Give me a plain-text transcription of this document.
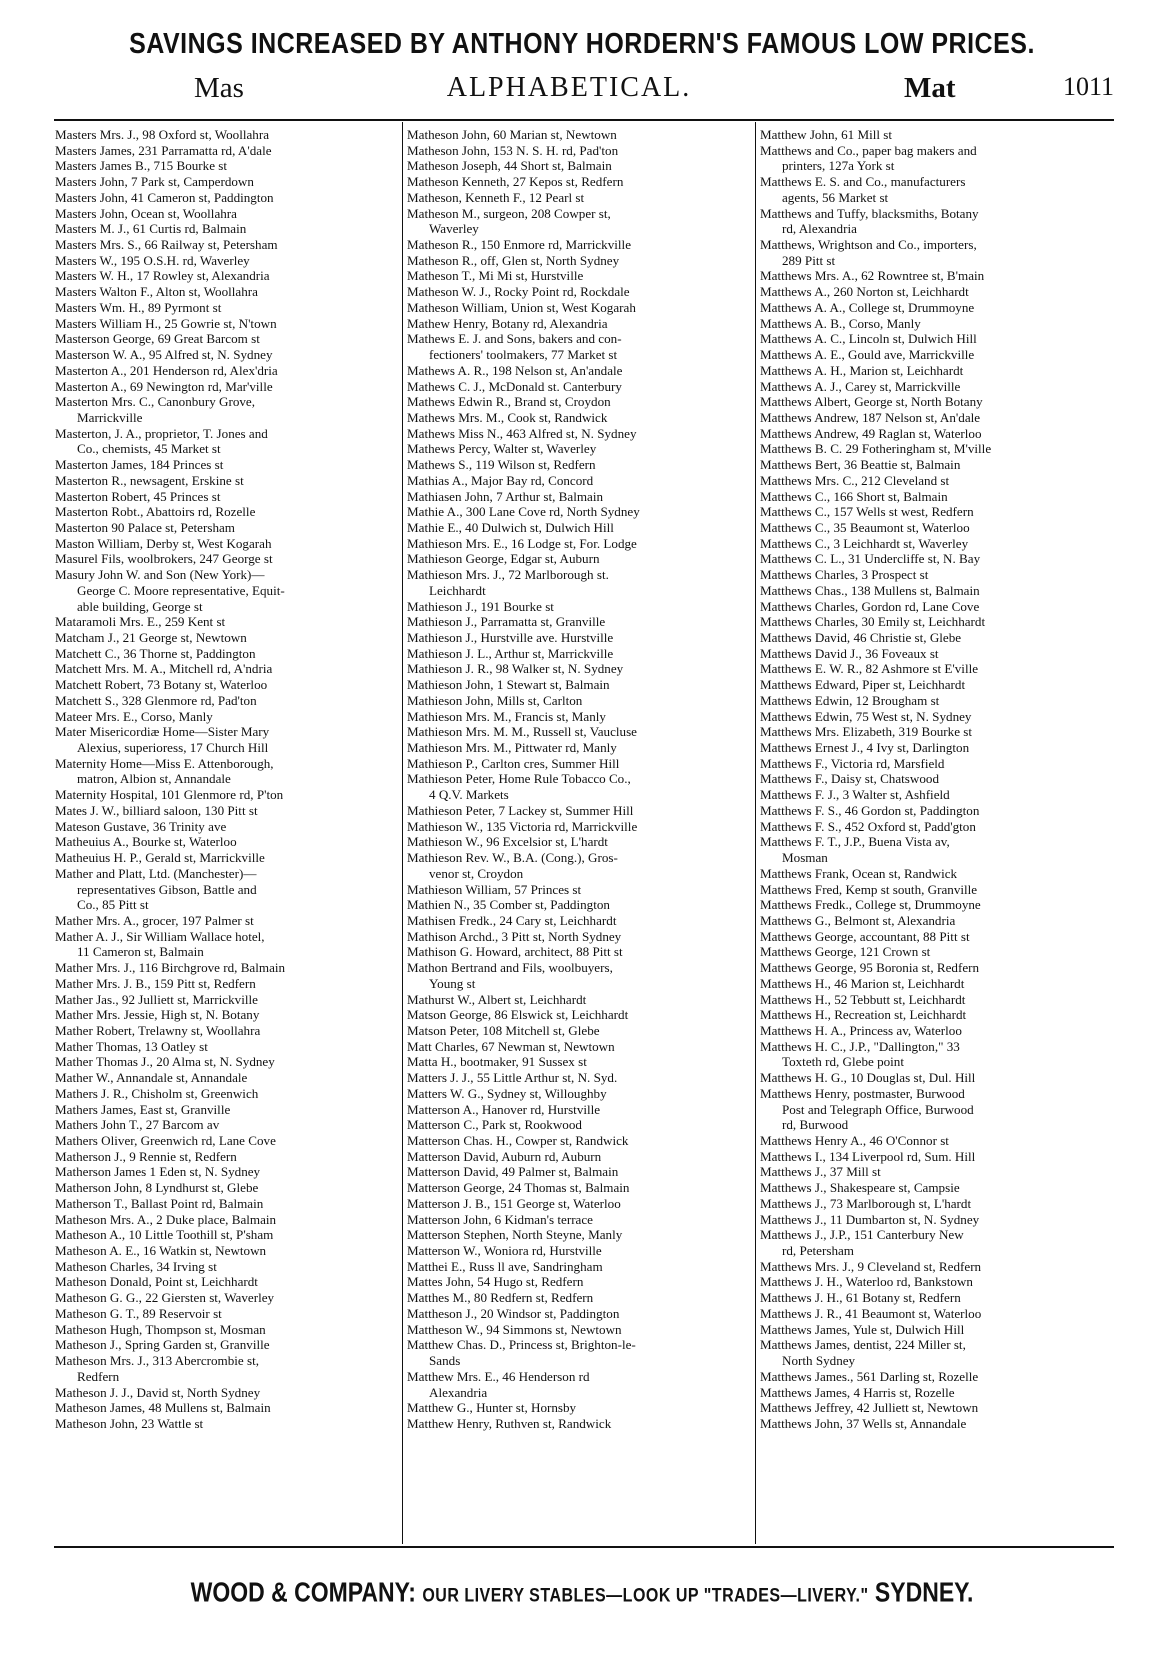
SAVINGS INCREASED BY ANTHONY HORDERN'S FAMOUS LOW PRICES.
Mas	ALPHABETICAL.	Mat	1011
Masters Mrs. J., 98 Oxford st, Woollahra
Masters James, 231 Parramatta rd, A'dale
Masters James B., 715 Bourke st
Masters John, 7 Park st, Camperdown
Masters John, 41 Cameron st, Paddington
Masters John, Ocean st, Woollahra
Masters M. J., 61 Curtis rd, Balmain
Masters Mrs. S., 66 Railway st, Petersham
Masters W., 195 O.S.H. rd, Waverley
Masters W. H., 17 Rowley st, Alexandria
Masters Walton F., Alton st, Woollahra
Masters Wm. H., 89 Pyrmont st
Masters William H., 25 Gowrie st, N'town
Masterson George, 69 Great Barcom st
Masterson W. A., 95 Alfred st, N. Sydney
Masterton A., 201 Henderson rd, Alex'dria
Masterton A., 69 Newington rd, Mar'ville
Masterton Mrs. C., Canonbury Grove,
Marrickville
Masterton, J. A., proprietor, T. Jones and
Co., chemists, 45 Market st
Masterton James, 184 Princes st
Masterton R., newsagent, Erskine st
Masterton Robert, 45 Princes st
Masterton Robt., Abattoirs rd, Rozelle
Masterton 90 Palace st, Petersham
Maston William, Derby st, West Kogarah
Masurel Fils, woolbrokers, 247 George st
Masury John W. and Son (New York)—
George C. Moore representative, Equit-
able building, George st
Mataramoli Mrs. E., 259 Kent st
Matcham J., 21 George st, Newtown
Matchett C., 36 Thorne st, Paddington
Matchett Mrs. M. A., Mitchell rd, A'ndria
Matchett Robert, 73 Botany st, Waterloo
Matchett S., 328 Glenmore rd, Pad'ton
Mateer Mrs. E., Corso, Manly
Mater Misericordiæ Home—Sister Mary
Alexius, superioress, 17 Church Hill
Maternity Home—Miss E. Attenborough,
matron, Albion st, Annandale
Maternity Hospital, 101 Glenmore rd, P'ton
Mates J. W., billiard saloon, 130 Pitt st
Mateson Gustave, 36 Trinity ave
Matheuius A., Bourke st, Waterloo
Matheuius H. P., Gerald st, Marrickville
Mather and Platt, Ltd. (Manchester)—
representatives Gibson, Battle and
Co., 85 Pitt st
Mather Mrs. A., grocer, 197 Palmer st
Mather A. J., Sir William Wallace hotel,
11 Cameron st, Balmain
Mather Mrs. J., 116 Birchgrove rd, Balmain
Mather Mrs. J. B., 159 Pitt st, Redfern
Mather Jas., 92 Julliett st, Marrickville
Mather Mrs. Jessie, High st, N. Botany
Mather Robert, Trelawny st, Woollahra
Mather Thomas, 13 Oatley st
Mather Thomas J., 20 Alma st, N. Sydney
Mather W., Annandale st, Annandale
Mathers J. R., Chisholm st, Greenwich
Mathers James, East st, Granville
Mathers John T., 27 Barcom av
Mathers Oliver, Greenwich rd, Lane Cove
Matherson J., 9 Rennie st, Redfern
Matherson James 1 Eden st, N. Sydney
Matherson John, 8 Lyndhurst st, Glebe
Matherson T., Ballast Point rd, Balmain
Matheson Mrs. A., 2 Duke place, Balmain
Matheson A., 10 Little Toothill st, P'sham
Matheson A. E., 16 Watkin st, Newtown
Matheson Charles, 34 Irving st
Matheson Donald, Point st, Leichhardt
Matheson G. G., 22 Giersten st, Waverley
Matheson G. T., 89 Reservoir st
Matheson Hugh, Thompson st, Mosman
Matheson J., Spring Garden st, Granville
Matheson Mrs. J., 313 Abercrombie st,
Redfern
Matheson J. J., David st, North Sydney
Matheson James, 48 Mullens st, Balmain
Matheson John, 23 Wattle st
Matheson John, 60 Marian st, Newtown
Matheson John, 153 N. S. H. rd, Pad'ton
Matheson Joseph, 44 Short st, Balmain
Matheson Kenneth, 27 Kepos st, Redfern
Matheson, Kenneth F., 12 Pearl st
Matheson M., surgeon, 208 Cowper st,
Waverley
Matheson R., 150 Enmore rd, Marrickville
Matheson R., off, Glen st, North Sydney
Matheson T., Mi Mi st, Hurstville
Matheson W. J., Rocky Point rd, Rockdale
Matheson William, Union st, West Kogarah
Mathew Henry, Botany rd, Alexandria
Mathews E. J. and Sons, bakers and con-
fectioners' toolmakers, 77 Market st
Mathews A. R., 198 Nelson st, An'andale
Mathews C. J., McDonald st. Canterbury
Mathews Edwin R., Brand st, Croydon
Mathews Mrs. M., Cook st, Randwick
Mathews Miss N., 463 Alfred st, N. Sydney
Mathews Percy, Walter st, Waverley
Mathews S., 119 Wilson st, Redfern
Mathias A., Major Bay rd, Concord
Mathiasen John, 7 Arthur st, Balmain
Mathie A., 300 Lane Cove rd, North Sydney
Mathie E., 40 Dulwich st, Dulwich Hill
Mathieson Mrs. E., 16 Lodge st, For. Lodge
Mathieson George, Edgar st, Auburn
Mathieson Mrs. J., 72 Marlborough st.
Leichhardt
Mathieson J., 191 Bourke st
Mathieson J., Parramatta st, Granville
Mathieson J., Hurstville ave. Hurstville
Mathieson J. L., Arthur st, Marrickville
Mathieson J. R., 98 Walker st, N. Sydney
Mathieson John, 1 Stewart st, Balmain
Mathieson John, Mills st, Carlton
Mathieson Mrs. M., Francis st, Manly
Mathieson Mrs. M. M., Russell st, Vaucluse
Mathieson Mrs. M., Pittwater rd, Manly
Mathieson P., Carlton cres, Summer Hill
Mathieson Peter, Home Rule Tobacco Co.,
4 Q.V. Markets
Mathieson Peter, 7 Lackey st, Summer Hill
Mathieson W., 135 Victoria rd, Marrickville
Mathieson W., 96 Excelsior st, L'hardt
Mathieson Rev. W., B.A. (Cong.), Gros-
venor st, Croydon
Mathieson William, 57 Princes st
Mathien N., 35 Comber st, Paddington
Mathisen Fredk., 24 Cary st, Leichhardt
Mathison Archd., 3 Pitt st, North Sydney
Mathison G. Howard, architect, 88 Pitt st
Mathon Bertrand and Fils, woolbuyers,
Young st
Mathurst W., Albert st, Leichhardt
Matson George, 86 Elswick st, Leichhardt
Matson Peter, 108 Mitchell st, Glebe
Matt Charles, 67 Newman st, Newtown
Matta H., bootmaker, 91 Sussex st
Matters J. J., 55 Little Arthur st, N. Syd.
Matters W. G., Sydney st, Willoughby
Matterson A., Hanover rd, Hurstville
Matterson C., Park st, Rookwood
Matterson Chas. H., Cowper st, Randwick
Matterson David, Auburn rd, Auburn
Matterson David, 49 Palmer st, Balmain
Matterson George, 24 Thomas st, Balmain
Matterson J. B., 151 George st, Waterloo
Matterson John, 6 Kidman's terrace
Matterson Stephen, North Steyne, Manly
Matterson W., Woniora rd, Hurstville
Matthei E., Russ ll ave, Sandringham
Mattes John, 54 Hugo st, Redfern
Matthes M., 80 Redfern st, Redfern
Mattheson J., 20 Windsor st, Paddington
Mattheson W., 94 Simmons st, Newtown
Matthew Chas. D., Princess st, Brighton-le-
Sands
Matthew Mrs. E., 46 Henderson rd
Alexandria
Matthew G., Hunter st, Hornsby
Matthew Henry, Ruthven st, Randwick
Matthew John, 61 Mill st
Matthews and Co., paper bag makers and
printers, 127a York st
Matthews E. S. and Co., manufacturers
agents, 56 Market st
Matthews and Tuffy, blacksmiths, Botany
rd, Alexandria
Matthews, Wrightson and Co., importers,
289 Pitt st
Matthews Mrs. A., 62 Rowntree st, B'main
Matthews A., 260 Norton st, Leichhardt
Matthews A. A., College st, Drummoyne
Matthews A. B., Corso, Manly
Matthews A. C., Lincoln st, Dulwich Hill
Matthews A. E., Gould ave, Marrickville
Matthews A. H., Marion st, Leichhardt
Matthews A. J., Carey st, Marrickville
Matthews Albert, George st, North Botany
Matthews Andrew, 187 Nelson st, An'dale
Matthews Andrew, 49 Raglan st, Waterloo
Matthews B. C. 29 Fotheringham st, M'ville
Matthews Bert, 36 Beattie st, Balmain
Matthews Mrs. C., 212 Cleveland st
Matthews C., 166 Short st, Balmain
Matthews C., 157 Wells st west, Redfern
Matthews C., 35 Beaumont st, Waterloo
Matthews C., 3 Leichhardt st, Waverley
Matthews C. L., 31 Undercliffe st, N. Bay
Matthews Charles, 3 Prospect st
Matthews Chas., 138 Mullens st, Balmain
Matthews Charles, Gordon rd, Lane Cove
Matthews Charles, 30 Emily st, Leichhardt
Matthews David, 46 Christie st, Glebe
Matthews David J., 36 Foveaux st
Matthews E. W. R., 82 Ashmore st E'ville
Matthews Edward, Piper st, Leichhardt
Matthews Edwin, 12 Brougham st
Matthews Edwin, 75 West st, N. Sydney
Matthews Mrs. Elizabeth, 319 Bourke st
Matthews Ernest J., 4 Ivy st, Darlington
Matthews F., Victoria rd, Marsfield
Matthews F., Daisy st, Chatswood
Matthews F. J., 3 Walter st, Ashfield
Matthews F. S., 46 Gordon st, Paddington
Matthews F. S., 452 Oxford st, Padd'gton
Matthews F. T., J.P., Buena Vista av,
Mosman
Matthews Frank, Ocean st, Randwick
Matthews Fred, Kemp st south, Granville
Matthews Fredk., College st, Drummoyne
Matthews G., Belmont st, Alexandria
Matthews George, accountant, 88 Pitt st
Matthews George, 121 Crown st
Matthews George, 95 Boronia st, Redfern
Matthews H., 46 Marion st, Leichhardt
Matthews H., 52 Tebbutt st, Leichhardt
Matthews H., Recreation st, Leichhardt
Matthews H. A., Princess av, Waterloo
Matthews H. C., J.P., "Dallington," 33
Toxteth rd, Glebe point
Matthews H. G., 10 Douglas st, Dul. Hill
Matthews Henry, postmaster, Burwood
Post and Telegraph Office, Burwood
rd, Burwood
Matthews Henry A., 46 O'Connor st
Matthews I., 134 Liverpool rd, Sum. Hill
Matthews J., 37 Mill st
Matthews J., Shakespeare st, Campsie
Matthews J., 73 Marlborough st, L'hardt
Matthews J., 11 Dumbarton st, N. Sydney
Matthews J., J.P., 151 Canterbury New
rd, Petersham
Matthews Mrs. J., 9 Cleveland st, Redfern
Matthews J. H., Waterloo rd, Bankstown
Matthews J. H., 61 Botany st, Redfern
Matthews J. R., 41 Beaumont st, Waterloo
Matthews James, Yule st, Dulwich Hill
Matthews James, dentist, 224 Miller st,
North Sydney
Matthews James., 561 Darling st, Rozelle
Matthews James, 4 Harris st, Rozelle
Matthews Jeffrey, 42 Julliett st, Newtown
Matthews John, 37 Wells st, Annandale
WOOD & COMPANY: OUR LIVERY STABLES—LOOK UP "TRADES—LIVERY." SYDNEY.
